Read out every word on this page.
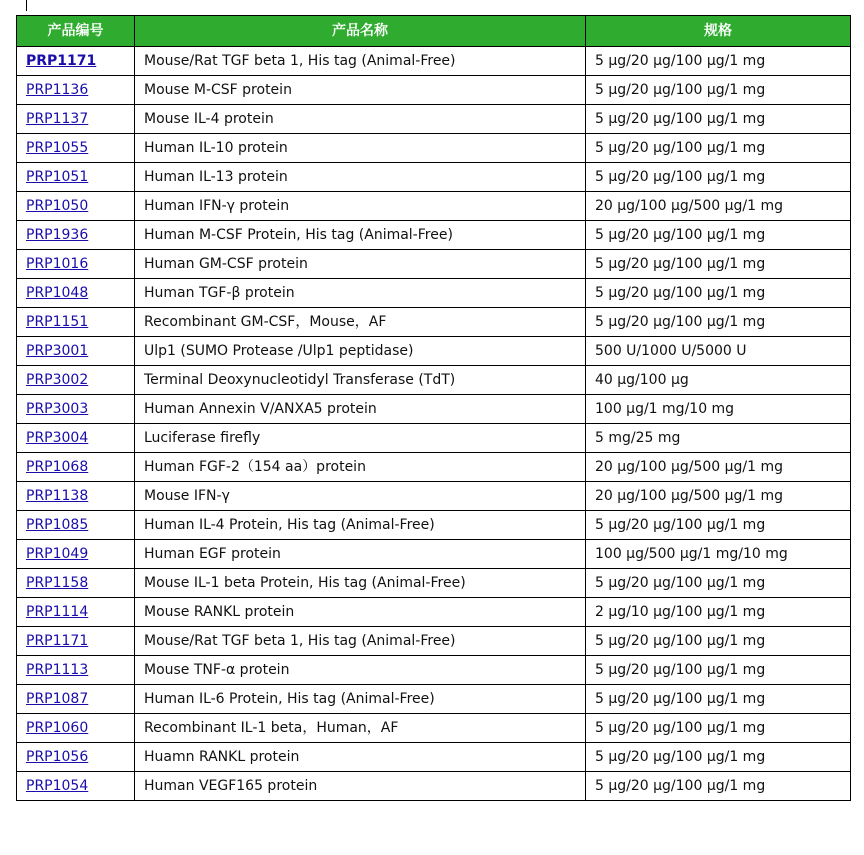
产品编号	产品名称	规格
PRP1171	Mouse/Rat TGF beta 1, His tag (Animal-Free)	5 μg/20 μg/100 μg/1 mg
PRP1136	Mouse M-CSF protein	5 μg/20 μg/100 μg/1 mg
PRP1137	Mouse IL-4 protein	5 μg/20 μg/100 μg/1 mg
PRP1055	Human IL-10 protein	5 μg/20 μg/100 μg/1 mg
PRP1051	Human IL-13 protein	5 μg/20 μg/100 μg/1 mg
PRP1050	Human IFN-γ protein	20 μg/100 μg/500 μg/1 mg
PRP1936	Human M-CSF Protein, His tag (Animal-Free)	5 μg/20 μg/100 μg/1 mg
PRP1016	Human GM-CSF protein	5 μg/20 μg/100 μg/1 mg
PRP1048	Human TGF-β protein	5 μg/20 μg/100 μg/1 mg
PRP1151	Recombinant GM-CSF，Mouse，AF	5 μg/20 μg/100 μg/1 mg
PRP3001	Ulp1 (SUMO Protease /Ulp1 peptidase)	500 U/1000 U/5000 U
PRP3002	Terminal Deoxynucleotidyl Transferase (TdT)	40 μg/100 μg
PRP3003	Human Annexin V/ANXA5 protein	100 μg/1 mg/10 mg
PRP3004	Luciferase firefly	5 mg/25 mg
PRP1068	Human FGF-2（154 aa）protein	20 μg/100 μg/500 μg/1 mg
PRP1138	Mouse IFN-γ	20 μg/100 μg/500 μg/1 mg
PRP1085	Human IL-4 Protein, His tag (Animal-Free)	5 μg/20 μg/100 μg/1 mg
PRP1049	Human EGF protein	100 μg/500 μg/1 mg/10 mg
PRP1158	Mouse IL-1 beta Protein, His tag (Animal-Free)	5 μg/20 μg/100 μg/1 mg
PRP1114	Mouse RANKL protein	2 μg/10 μg/100 μg/1 mg
PRP1171	Mouse/Rat TGF beta 1, His tag (Animal-Free)	5 μg/20 μg/100 μg/1 mg
PRP1113	Mouse TNF-α protein	5 μg/20 μg/100 μg/1 mg
PRP1087	Human IL-6 Protein, His tag (Animal-Free)	5 μg/20 μg/100 μg/1 mg
PRP1060	Recombinant IL-1 beta，Human，AF	5 μg/20 μg/100 μg/1 mg
PRP1056	Huamn RANKL protein	5 μg/20 μg/100 μg/1 mg
PRP1054	Human VEGF165 protein	5 μg/20 μg/100 μg/1 mg
